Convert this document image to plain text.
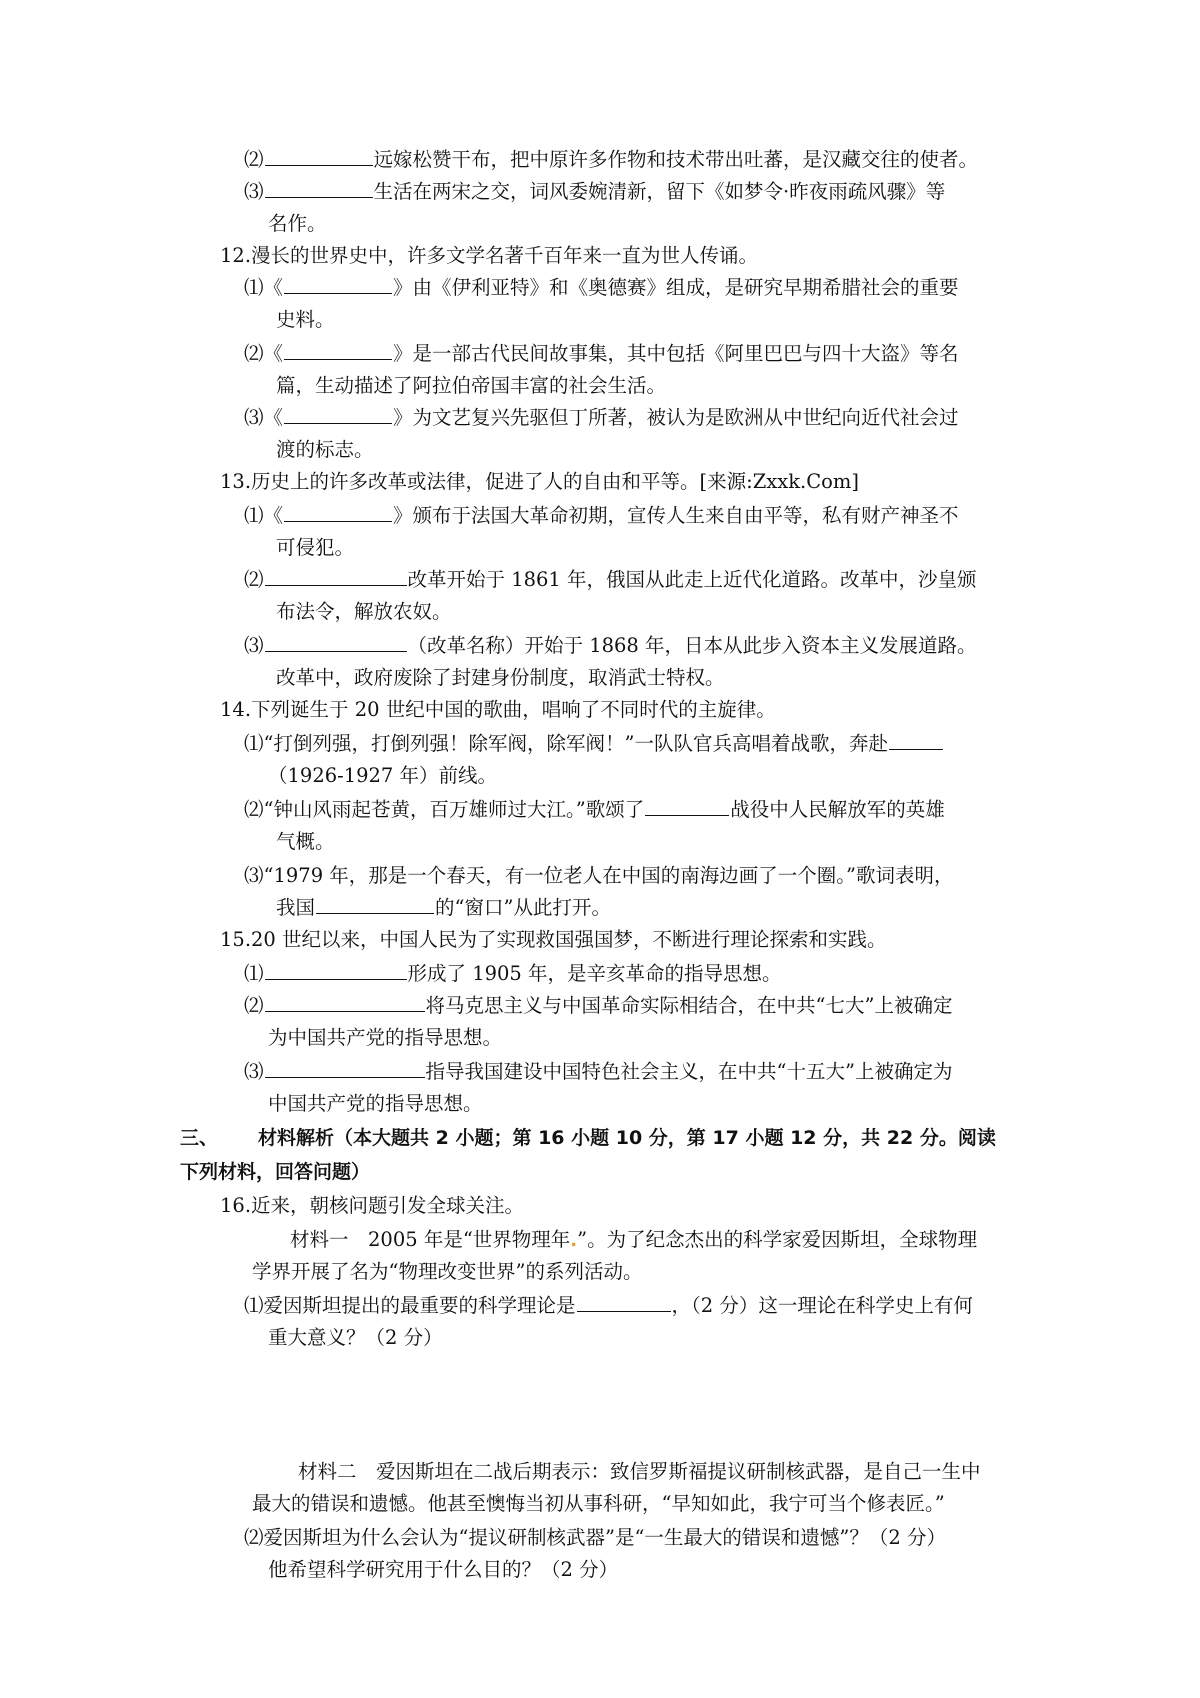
⑵	远嫁松赞干布，把中原许多作物和技术带出吐蕃，是汉藏交往的使者。
⑶	生活在两宋之交，词风委婉清新，留下《如梦令·昨夜雨疏风骤》等
名作。
12.漫长的世界史中，许多文学名著千百年来一直为世人传诵。
⑴《	》由《伊利亚特》和《奥德赛》组成，是研究早期希腊社会的重要
史料。
⑵《	》是一部古代民间故事集，其中包括《阿里巴巴与四十大盗》等名
篇，生动描述了阿拉伯帝国丰富的社会生活。
⑶《	》为文艺复兴先驱但丁所著，被认为是欧洲从中世纪向近代社会过
渡的标志。
13.历史上的许多改革或法律，促进了人的自由和平等。[来源:Zxxk.Com]
⑴《	》颁布于法国大革命初期，宣传人生来自由平等，私有财产神圣不
可侵犯。
⑵	改革开始于 1861 年，俄国从此走上近代化道路。改革中，沙皇颁
布法令，解放农奴。
⑶	（改革名称）开始于 1868 年，日本从此步入资本主义发展道路。
改革中，政府废除了封建身份制度，取消武士特权。
14.下列诞生于 20 世纪中国的歌曲，唱响了不同时代的主旋律。
⑴“打倒列强，打倒列强！除军阀，除军阀！”一队队官兵高唱着战歌，奔赴
（1926-1927 年）前线。
⑵“钟山风雨起苍黄，百万雄师过大江。”歌颂了	战役中人民解放军的英雄
气概。
⑶“1979 年，那是一个春天，有一位老人在中国的南海边画了一个圈。”歌词表明，
我国	的“窗口”从此打开。
15.20 世纪以来，中国人民为了实现救国强国梦，不断进行理论探索和实践。
⑴	形成了 1905 年，是辛亥革命的指导思想。
⑵	将马克思主义与中国革命实际相结合，在中共“七大”上被确定
为中国共产党的指导思想。
⑶	指导我国建设中国特色社会主义，在中共“十五大”上被确定为
中国共产党的指导思想。
三、 材料解析（本大题共 2 小题；第 16 小题 10 分，第 17 小题 12 分，共 22 分。阅读
下列材料，回答问题）
16.近来，朝核问题引发全球关注。
材料一　2005 年是“世界物理年.”。为了纪念杰出的科学家爱因斯坦，全球物理
学界开展了名为“物理改变世界”的系列活动。
⑴爱因斯坦提出的最重要的科学理论是	，（2 分）这一理论在科学史上有何
重大意义？（2 分）
材料二　爱因斯坦在二战后期表示：致信罗斯福提议研制核武器，是自己一生中
最大的错误和遗憾。他甚至懊悔当初从事科研，“早知如此，我宁可当个修表匠。”
⑵爱因斯坦为什么会认为“提议研制核武器”是“一生最大的错误和遗憾”？（2 分）
他希望科学研究用于什么目的？（2 分）
